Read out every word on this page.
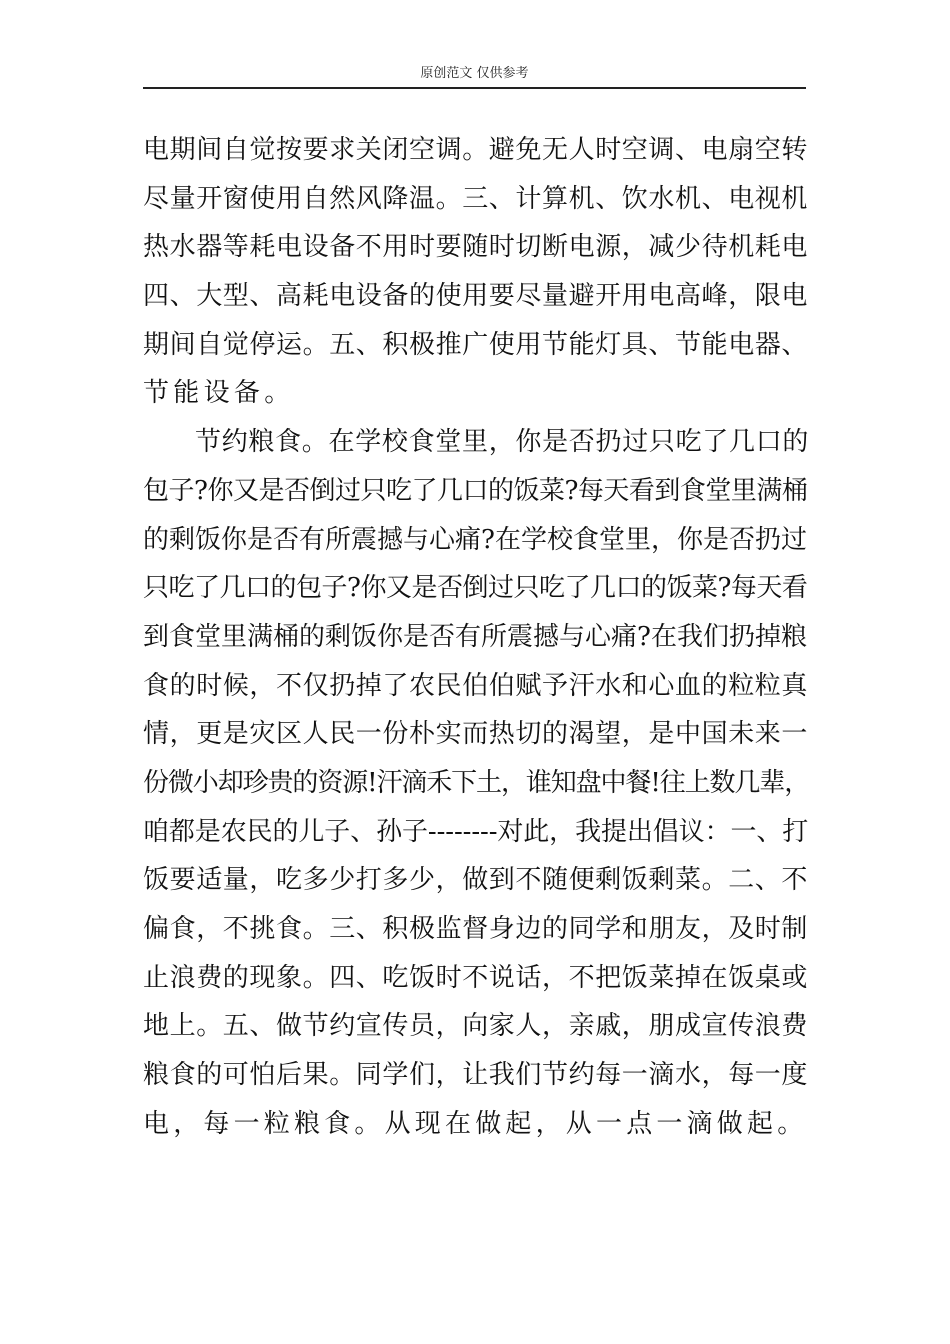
原创范文 仅供参考
电期间自觉按要求关闭空调。避免无人时空调、电扇空转
尽量开窗使用自然风降温。三、计算机、饮水机、电视机
热水器等耗电设备不用时要随时切断电源，减少待机耗电
四、大型、高耗电设备的使用要尽量避开用电高峰，限电
期间自觉停运。五、积极推广使用节能灯具、节能电器、
节能设备。
节约粮食。在学校食堂里，你是否扔过只吃了几口的
包子?你又是否倒过只吃了几口的饭菜?每天看到食堂里满桶
的剩饭你是否有所震撼与心痛?在学校食堂里，你是否扔过
只吃了几口的包子?你又是否倒过只吃了几口的饭菜?每天看
到食堂里满桶的剩饭你是否有所震撼与心痛?在我们扔掉粮
食的时候，不仅扔掉了农民伯伯赋予汗水和心血的粒粒真
情，更是灾区人民一份朴实而热切的渴望，是中国未来一
份微小却珍贵的资源!汗滴禾下土，谁知盘中餐!往上数几辈，
咱都是农民的儿子、孙子--------对此，我提出倡议：一、打
饭要适量，吃多少打多少，做到不随便剩饭剩菜。二、不
偏食，不挑食。三、积极监督身边的同学和朋友，及时制
止浪费的现象。四、吃饭时不说话，不把饭菜掉在饭桌或
地上。五、做节约宣传员，向家人，亲戚，朋成宣传浪费
粮食的可怕后果。同学们，让我们节约每一滴水，每一度
电，每一粒粮食。从现在做起，从一点一滴做起。
